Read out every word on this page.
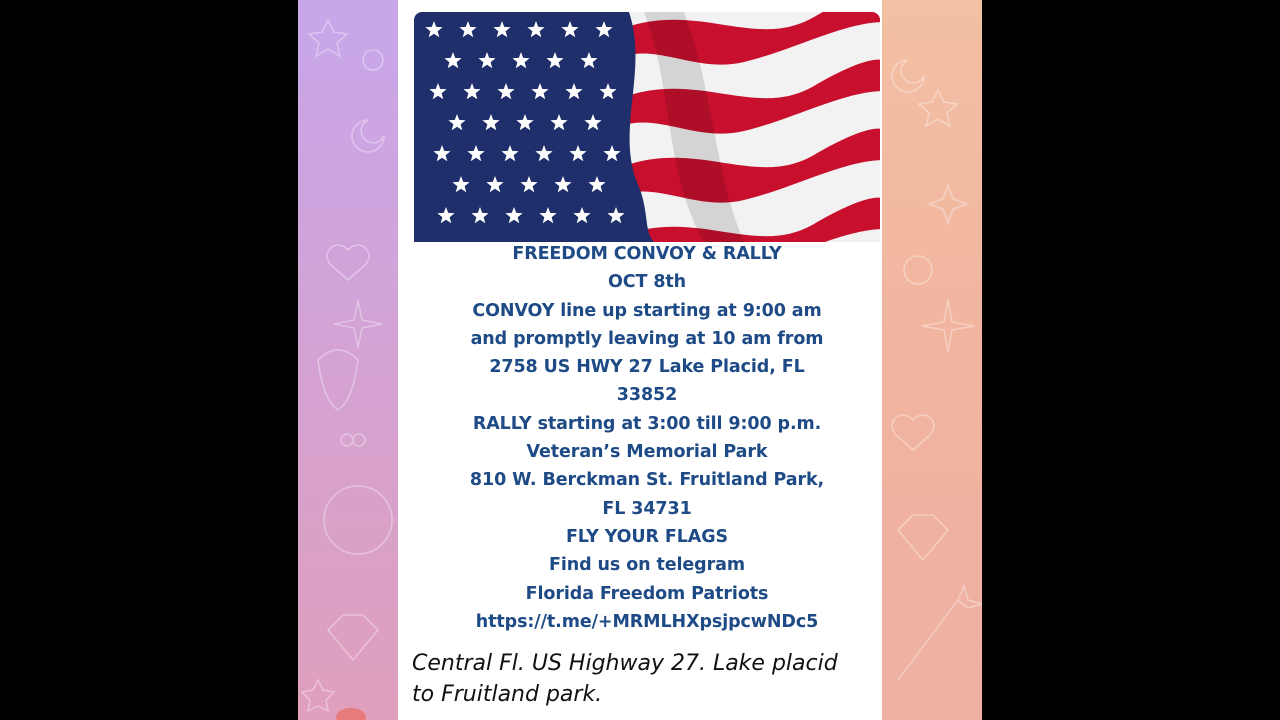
FREEDOM CONVOY & RALLY
OCT 8th
CONVOY line up starting at 9:00 am
and promptly leaving at 10 am from
2758 US HWY 27 Lake Placid, FL
33852
RALLY starting at 3:00 till 9:00 p.m.
Veteran’s Memorial Park
810 W. Berckman St. Fruitland Park,
FL 34731
FLY YOUR FLAGS
Find us on telegram
Florida Freedom Patriots
https://t.me/+MRMLHXpsjpcwNDc5
Central Fl. US Highway 27. Lake placid
to Fruitland park.
